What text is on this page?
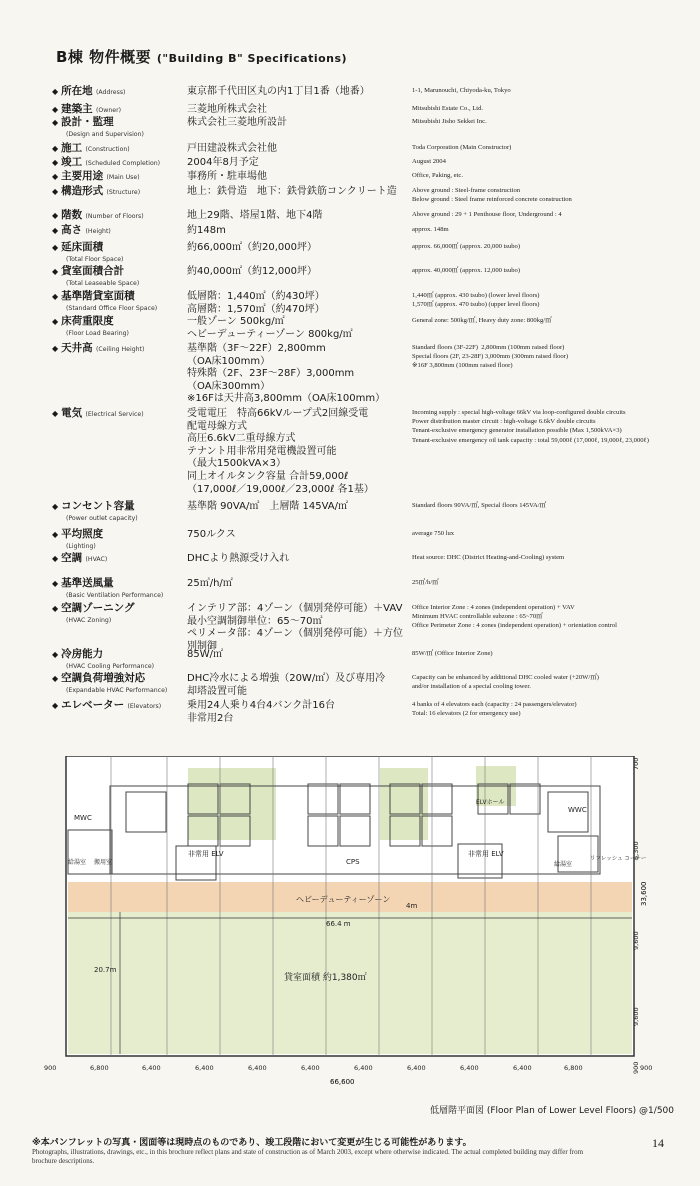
B棟 物件概要 ("Building B" Specifications)
◆ 所在地 (Address)	東京都千代田区丸の内1丁目1番（地番）	1-1, Marunouchi, Chiyoda-ku, Tokyo
◆ 建築主 (Owner)	三菱地所株式会社	Mitsubishi Estate Co., Ltd.
◆ 設計・監理
(Design and Supervision)
株式会社三菱地所設計	Mitsubishi Jisho Sekkei Inc.
◆ 施工 (Construction)	戸田建設株式会社他	Toda Corporation (Main Constructor)
◆ 竣工 (Scheduled Completion)	2004年8月予定	August 2004
◆ 主要用途 (Main Use)	事務所・駐車場他	Office, Paking, etc.
◆ 構造形式 (Structure)	地上：鉄骨造　地下：鉄骨鉄筋コンクリート造	Above ground : Steel-frame construction
Below ground : Steel frame reinforced concrete construction
◆ 階数 (Number of Floors)	地上29階、塔屋1階、地下4階	Above ground : 29 + 1 Penthouse floor, Underground : 4
◆ 高さ (Height)	約148m	approx. 148m
◆ 延床面積
(Total Floor Space)
約66,000㎡（約20,000坪）	approx. 66,000㎡ (approx. 20,000 tsubo)
◆ 貸室面積合計
(Total Leaseable Space)
約40,000㎡（約12,000坪）	approx. 40,000㎡ (approx. 12,000 tsubo)
◆ 基準階貸室面積
(Standard Office Floor Space)
低層階：1,440㎡（約430坪）
高層階：1,570㎡（約470坪）
1,440㎡ (approx. 430 tsubo) (lower level floors)
1,570㎡ (approx. 470 tsubo) (upper level floors)
◆ 床荷重限度
(Floor Load Bearing)
一般ゾーン 500kg/㎡
ヘビーデューティーゾーン 800kg/㎡
General zone: 500kg/㎡, Heavy duty zone: 800kg/㎡
◆ 天井高 (Ceiling Height)	基準階（3F〜22F）2,800mm
（OA床100mm）
特殊階（2F、23F〜28F）3,000mm
（OA床300mm）
※16Fは天井高3,800mm（OA床100mm）
Standard floors (3F-22F)  2,800mm (100mm raised floor)
Special floors (2F, 23-28F) 3,000mm (300mm raised floor)
※16F 3,800mm (100mm raised floor)
◆ 電気 (Electrical Service)	受電電圧　特高66kVループ式2回線受電
配電母線方式
高圧6.6kV二重母線方式
テナント用非常用発電機設置可能
（最大1500kVA×3）
同上オイルタンク容量 合計59,000ℓ
（17,000ℓ／19,000ℓ／23,000ℓ 各1基）
Incoming supply : special high-voltage 66kV via loop-configured double circuits
Power distribution master circuit : high-voltage 6.6kV double circuits
Tenant-exclusive emergency generator installation possible (Max 1,500kVA×3)
Tenant-exclusive emergency oil tank capacity : total 59,000ℓ (17,000ℓ, 19,000ℓ, 23,000ℓ)
◆ コンセント容量
(Power outlet capacity)
基準階 90VA/㎡　上層階 145VA/㎡	Standard floors 90VA/㎡, Special floors 145VA/㎡
◆ 平均照度
(Lighting)
750ルクス	average 750 lux
◆ 空調 (HVAC)	DHCより熱源受け入れ	Heat source: DHC (District Heating-and-Cooling) system
◆ 基準送風量
(Basic Ventilation Performance)
25㎥/h/㎡	25㎥/h/㎡
◆ 空調ゾーニング
(HVAC Zoning)
インテリア部：4ゾーン（個別発停可能）＋VAV
最小空調制御単位：65〜70㎡
ペリメータ部：4ゾーン（個別発停可能）＋方位
別制御
Office Interior Zone : 4 zones (independent operation) + VAV
Minimum HVAC controllable subzone : 65~70㎡
Office Perimeter Zone : 4 zones (independent operation) + orientation control
◆ 冷房能力
(HVAC Cooling Performance)
85W/㎡	85W/㎡ (Office Interior Zone)
◆ 空調負荷増強対応
(Expandable HVAC Performance)
DHC冷水による増強（20W/㎡）及び専用冷
却塔設置可能
Capacity can be enhanced by additional DHC cooled water (+20W/㎡)
and/or installation of a special cooling tower.
◆ エレベーター (Elevators)	乗用24人乗り4台4バンク計16台
非常用2台
4 banks of 4 elevators each (capacity : 24 passengers/elevator)
Total: 16 elevators (2 for emergency use)
MWC
WWC
ELVホール
非常用 ELV	非常用 ELV
CPS
給湯室 搬用室	給湯室
リフレッシュ コーナー
ヘビーデューティーゾーン
66.4 m
20.7m
4m
貸室面積 約1,380㎡
900	6,800	6,400	6,400	6,400	6,400	6,400	6,400	6,400	6,400	6,800	900
66,600
700
6,300
9,600
9,600
900
33,600
低層階平面図 (Floor Plan of Lower Level Floors) @1/500
※本パンフレットの写真・図面等は現時点のものであり、竣工段階において変更が生じる可能性があります。
Photographs, illustrations, drawings, etc., in this brochure reflect plans and state of construction as of March 2003, except where otherwise indicated. The actual completed building may differ from brochure descriptions.
14
